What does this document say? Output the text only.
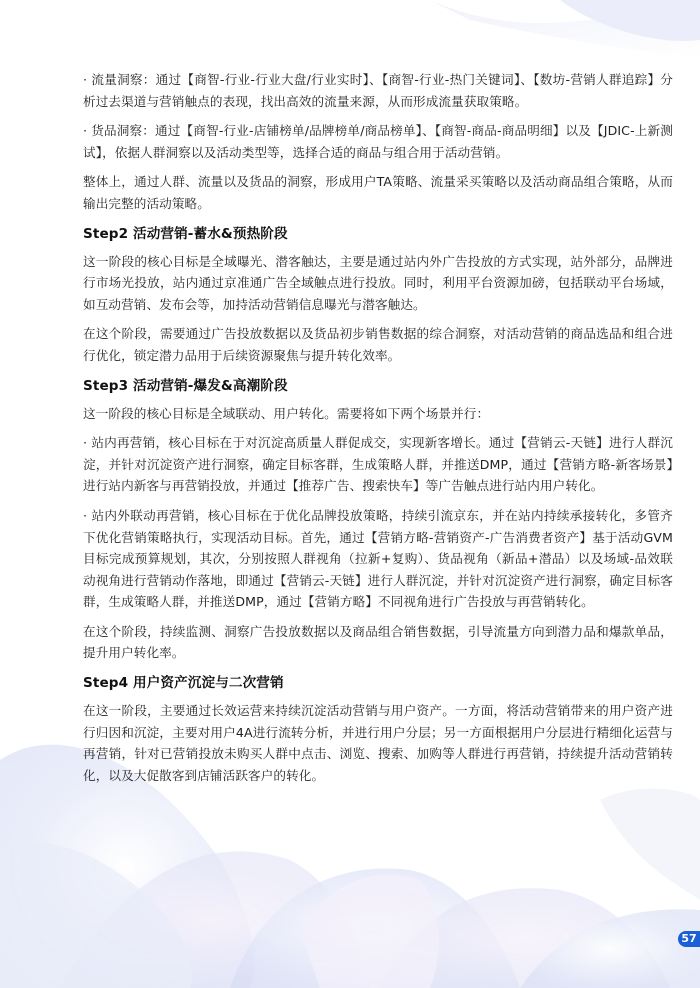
· 流量洞察：通过【商智-行业-行业大盘/行业实时】、【商智-行业-热门关键词】、【数坊-营销人群追踪】分析过去渠道与营销触点的表现，找出高效的流量来源，从而形成流量获取策略。

· 货品洞察：通过【商智-行业-店铺榜单/品牌榜单/商品榜单】、【商智-商品-商品明细】以及【JDIC-上新测试】，依据人群洞察以及活动类型等，选择合适的商品与组合用于活动营销。

整体上，通过人群、流量以及货品的洞察，形成用户TA策略、流量采买策略以及活动商品组合策略，从而输出完整的活动策略。

Step2 活动营销-蓄水&预热阶段

这一阶段的核心目标是全域曝光、潜客触达，主要是通过站内外广告投放的方式实现，站外部分，品牌进行市场光投放，站内通过京准通广告全域触点进行投放。同时，利用平台资源加磅，包括联动平台场域，如互动营销、发布会等，加持活动营销信息曝光与潜客触达。

在这个阶段，需要通过广告投放数据以及货品初步销售数据的综合洞察，对活动营销的商品选品和组合进行优化，锁定潜力品用于后续资源聚焦与提升转化效率。

Step3 活动营销-爆发&高潮阶段

这一阶段的核心目标是全域联动、用户转化。需要将如下两个场景并行：

· 站内再营销，核心目标在于对沉淀高质量人群促成交，实现新客增长。通过【营销云-天链】进行人群沉淀，并针对沉淀资产进行洞察，确定目标客群，生成策略人群，并推送DMP，通过【营销方略-新客场景】进行站内新客与再营销投放，并通过【推荐广告、搜索快车】等广告触点进行站内用户转化。

· 站内外联动再营销，核心目标在于优化品牌投放策略，持续引流京东，并在站内持续承接转化，多管齐下优化营销策略执行，实现活动目标。首先，通过【营销方略-营销资产-广告消费者资产】基于活动GVM目标完成预算规划，其次，分别按照人群视角（拉新+复购）、货品视角（新品+潜品）以及场域-品效联动视角进行营销动作落地，即通过【营销云-天链】进行人群沉淀，并针对沉淀资产进行洞察，确定目标客群，生成策略人群，并推送DMP，通过【营销方略】不同视角进行广告投放与再营销转化。

在这个阶段，持续监测、洞察广告投放数据以及商品组合销售数据，引导流量方向到潜力品和爆款单品，提升用户转化率。

Step4 用户资产沉淀与二次营销

在这一阶段，主要通过长效运营来持续沉淀活动营销与用户资产。一方面，将活动营销带来的用户资产进行归因和沉淀，主要对用户4A进行流转分析，并进行用户分层；另一方面根据用户分层进行精细化运营与再营销，针对已营销投放未购买人群中点击、浏览、搜索、加购等人群进行再营销，持续提升活动营销转化，以及大促散客到店铺活跃客户的转化。

57
